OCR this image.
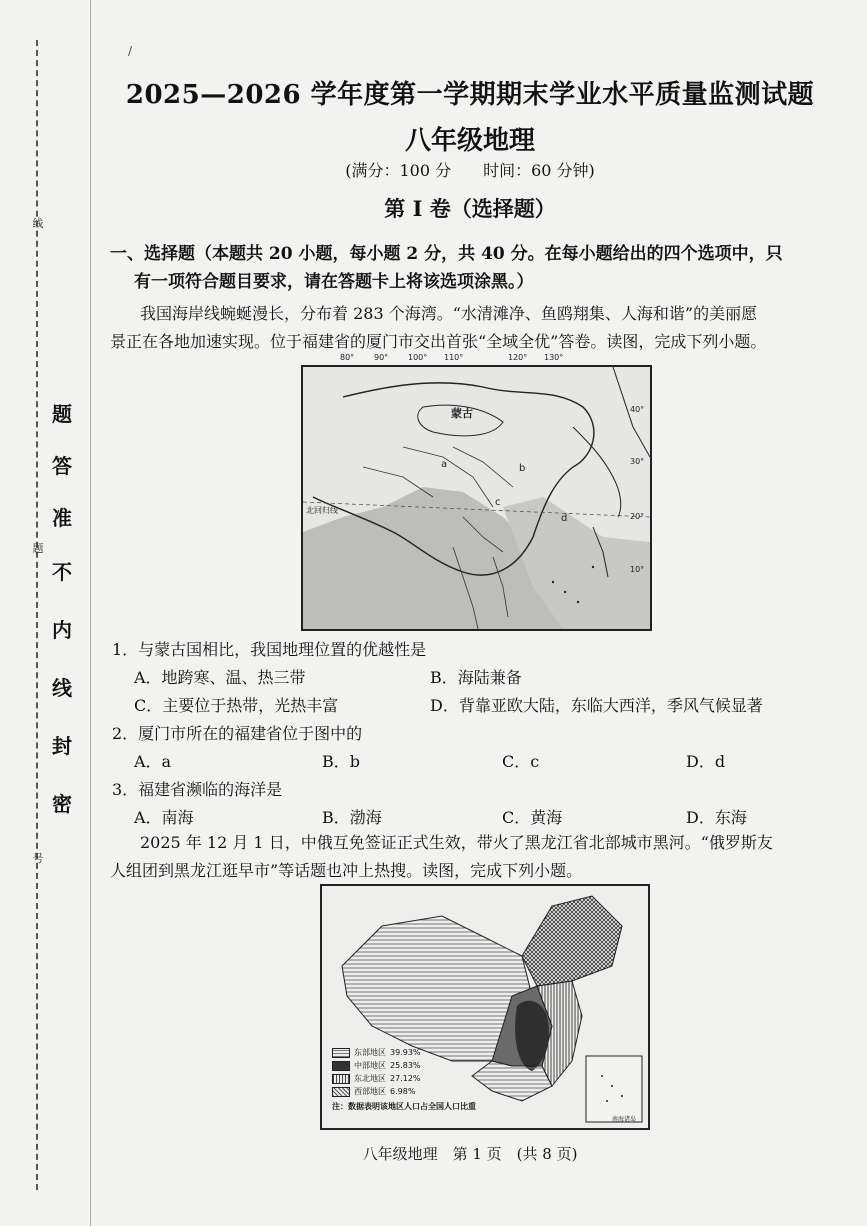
线
题
答
准
不
内
线
封
密
题
号
/
2025—2026 学年度第一学期期末学业水平质量监测试题
八年级地理
(满分：100 分　　时间：60 分钟)
第 Ⅰ 卷（选择题）
一、选择题（本题共 20 小题，每小题 2 分，共 40 分。在每小题给出的四个选项中，只
有一项符合题目要求，请在答题卡上将该选项涂黑。）
我国海岸线蜿蜒漫长，分布着 283 个海湾。“水清滩净、鱼鸥翔集、人海和谐”的美丽愿
景正在各地加速实现。位于福建省的厦门市交出首张“全域全优”答卷。读图，完成下列小题。
80° 90° 100° 110°	120° 130°
蒙古
北回归线
a	b
c
d
40°
30°
20°
10°
1．与蒙古国相比，我国地理位置的优越性是
A．地跨寒、温、热三带	B．海陆兼备
C．主要位于热带，光热丰富	D．背靠亚欧大陆，东临大西洋，季风气候显著
2．厦门市所在的福建省位于图中的
A．a	B．b	C．c	D．d
3．福建省濒临的海洋是
A．南海	B．渤海	C．黄海	D．东海
2025 年 12 月 1 日，中俄互免签证正式生效，带火了黑龙江省北部城市黑河。“俄罗斯友
人组团到黑龙江逛早市”等话题也冲上热搜。读图，完成下列小题。
南海诸岛
东部地区 39.93%
中部地区 25.83%
东北地区 27.12%
西部地区 6.98%
注：数据表明该地区人口占全国人口比重
八年级地理　第 1 页　(共 8 页)
